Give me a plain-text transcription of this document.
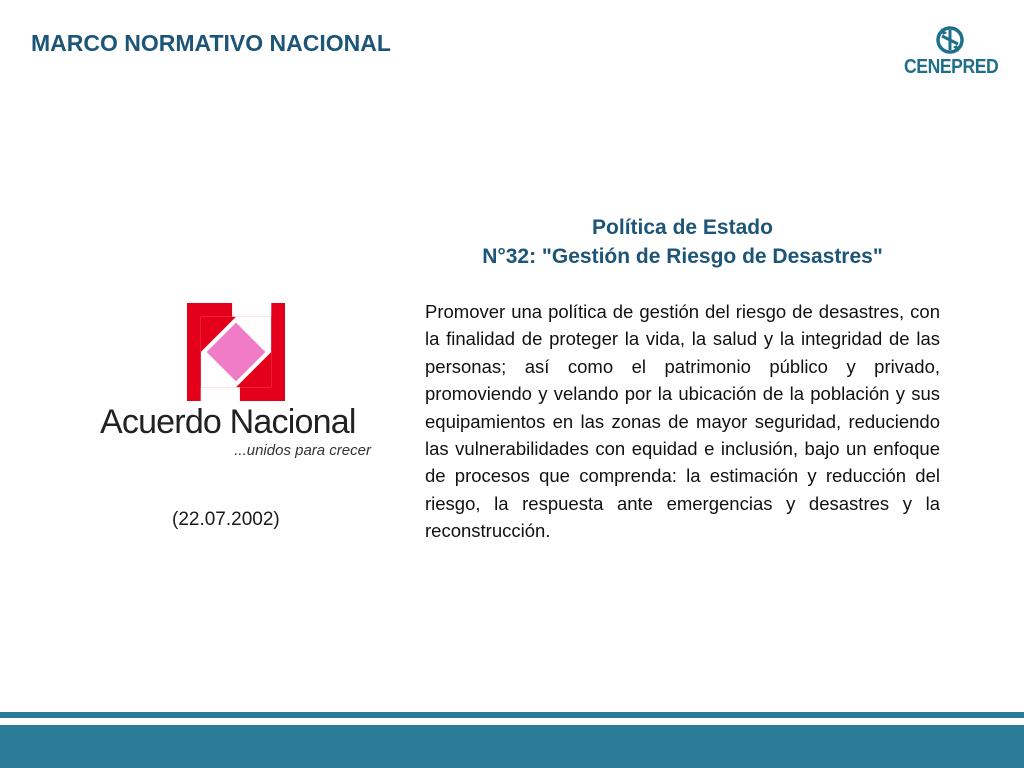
MARCO NORMATIVO NACIONAL
CENEPRED
Acuerdo Nacional
...unidos para crecer
(22.07.2002)
Política de Estado
N°32: "Gestión de Riesgo de Desastres"

Promover una política de gestión del riesgo de desastres, con la finalidad de proteger la vida, la salud y la integridad de las personas; así como el patrimonio público y privado, promoviendo y velando por la ubicación de la población y sus equipamientos en las zonas de mayor seguridad, reduciendo las vulnerabilidades con equidad e inclusión, bajo un enfoque de procesos que comprenda: la estimación y reducción del riesgo, la respuesta ante emergencias y desastres y la reconstrucción.
